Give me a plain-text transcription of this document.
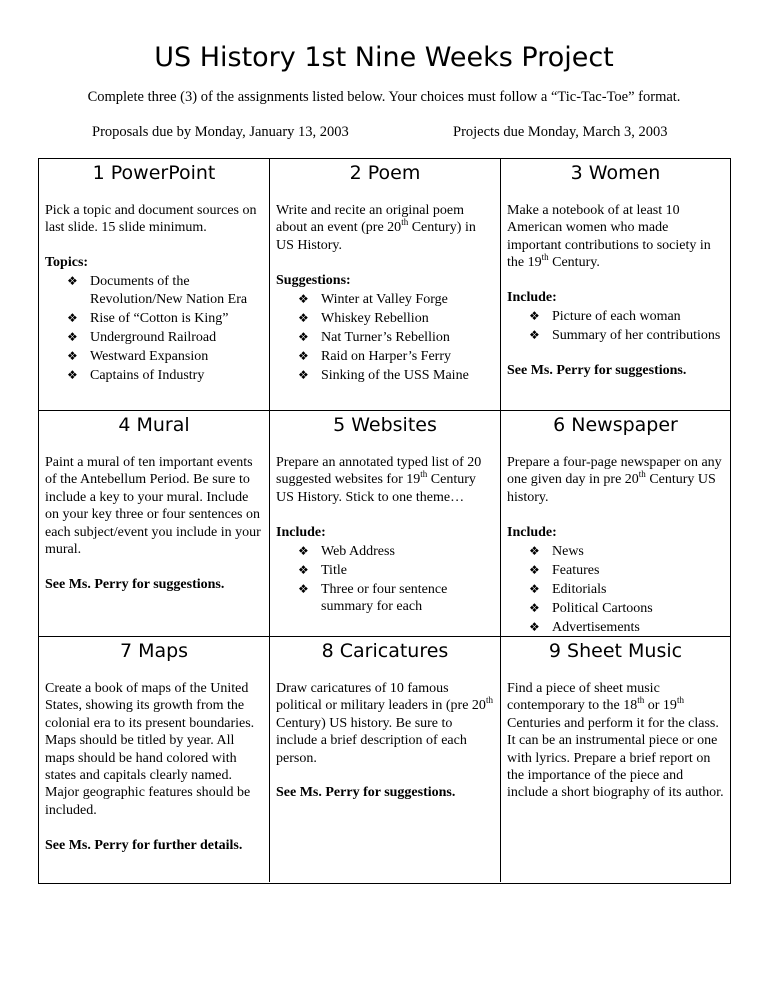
US History 1st Nine Weeks Project
Complete three (3) of the assignments listed below. Your choices must follow a “Tic-Tac-Toe” format.
Proposals due by Monday, January 13, 2003	Projects due Monday, March 3, 2003
1 PowerPoint

Pick a topic and document sources on last slide. 15 slide minimum.

Topics:

❖ Documents of the Revolution/New Nation Era
❖ Rise of “Cotton is King”
❖ Underground Railroad
❖ Westward Expansion
❖ Captains of Industry
2 Poem

Write and recite an original poem about an event (pre 20th Century) in US History.

Suggestions:

❖ Winter at Valley Forge
❖ Whiskey Rebellion
❖ Nat Turner’s Rebellion
❖ Raid on Harper’s Ferry
❖ Sinking of the USS Maine
3 Women

Make a notebook of at least 10 American women who made important contributions to society in the 19th Century.

Include:

❖ Picture of each woman
❖ Summary of her contributions

See Ms. Perry for suggestions.

4 Mural

Paint a mural of ten important events of the Antebellum Period. Be sure to include a key to your mural. Include on your key three or four sentences on each subject/event you include in your mural.

See Ms. Perry for suggestions.

5 Websites

Prepare an annotated typed list of 20 suggested websites for 19th Century US History. Stick to one theme…

Include:

❖ Web Address
❖ Title
❖ Three or four sentence summary for each
6 Newspaper

Prepare a four-page newspaper on any one given day in pre 20th Century US history.

Include:

❖ News
❖ Features
❖ Editorials
❖ Political Cartoons
❖ Advertisements
7 Maps

Create a book of maps of the United States, showing its growth from the colonial era to its present boundaries. Maps should be titled by year. All maps should be hand colored with states and capitals clearly named. Major geographic features should be included.

See Ms. Perry for further details.

8 Caricatures

Draw caricatures of 10 famous political or military leaders in (pre 20th Century) US history. Be sure to include a brief description of each person.

See Ms. Perry for suggestions.

9 Sheet Music

Find a piece of sheet music contemporary to the 18th or 19th Centuries and perform it for the class. It can be an instrumental piece or one with lyrics. Prepare a brief report on the importance of the piece and include a short biography of its author.
